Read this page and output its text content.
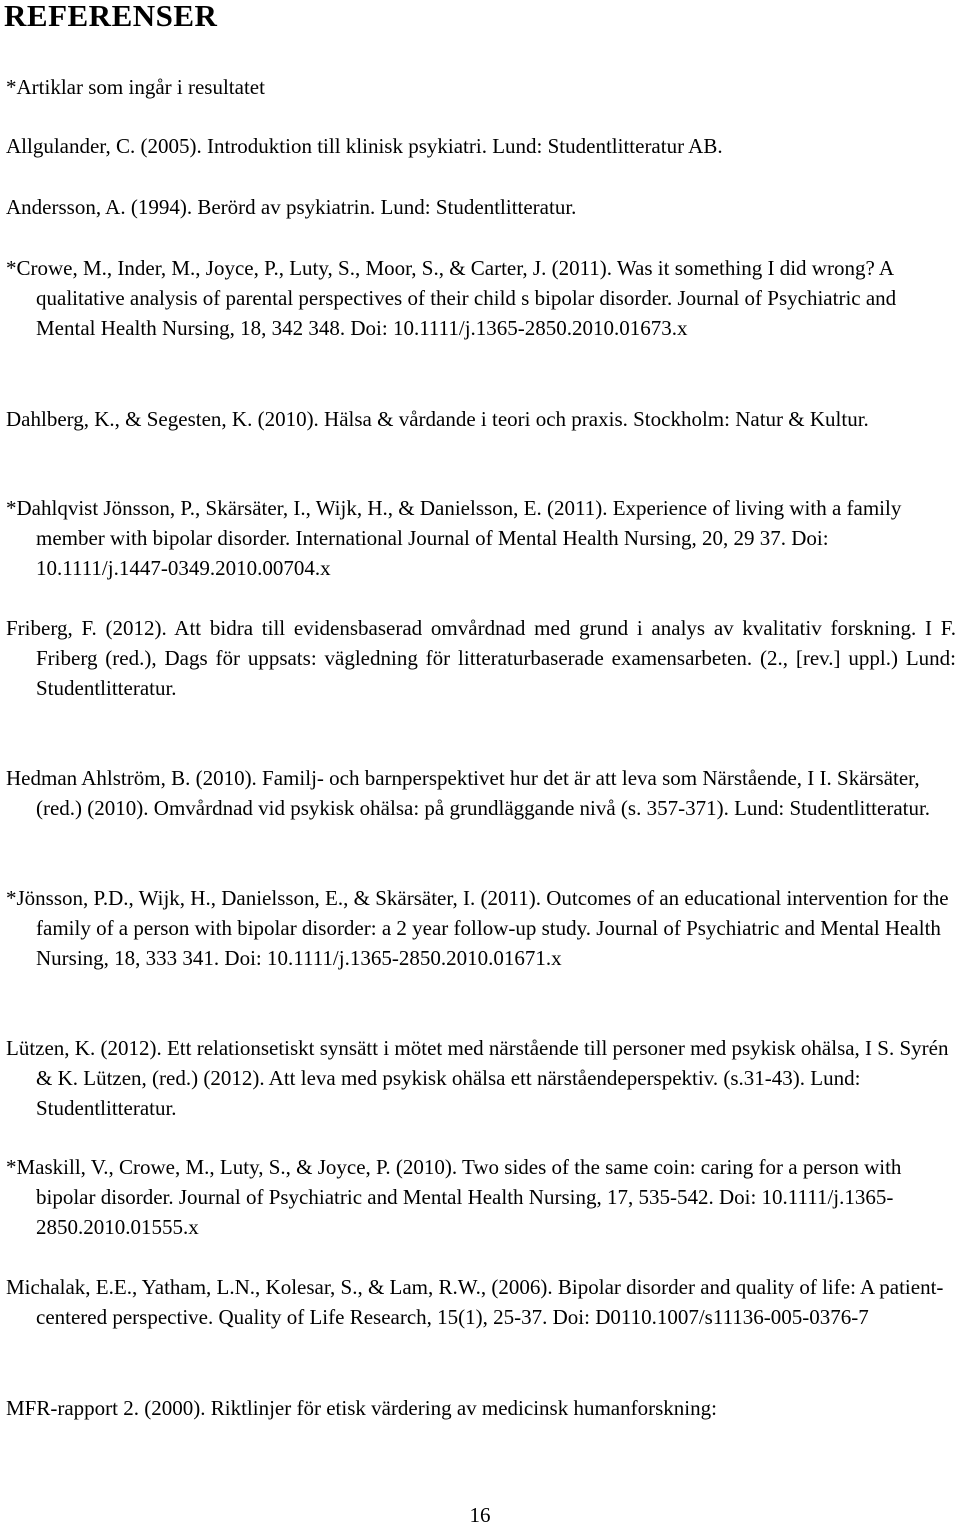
REFERENSER
*Artiklar som ingår i resultatet

Allgulander, C. (2005). Introduktion till klinisk psykiatri. Lund: Studentlitteratur AB.

Andersson, A. (1994). Berörd av psykiatrin. Lund: Studentlitteratur.

*Crowe, M., Inder, M., Joyce, P., Luty, S., Moor, S., & Carter, J. (2011). Was it something I did wrong? A qualitative analysis of parental perspectives of their child s bipolar disorder. Journal of Psychiatric and Mental Health Nursing, 18, 342 348. Doi: 10.1111/j.1365-2850.2010.01673.x

Dahlberg, K., & Segesten, K. (2010). Hälsa & vårdande i teori och praxis. Stockholm: Natur & Kultur.

*Dahlqvist Jönsson, P., Skärsäter, I., Wijk, H., & Danielsson, E. (2011). Experience of living with a family member with bipolar disorder. International Journal of Mental Health Nursing, 20, 29 37. Doi: 10.1111/j.1447-0349.2010.00704.x

Friberg, F. (2012). Att bidra till evidensbaserad omvårdnad med grund i analys av kvalitativ forskning. I F. Friberg (red.), Dags för uppsats: vägledning för litteraturbaserade examensarbeten. (2., [rev.] uppl.) Lund: Studentlitteratur.

Hedman Ahlström, B. (2010). Familj- och barnperspektivet hur det är att leva som Närstående, I I. Skärsäter, (red.) (2010). Omvårdnad vid psykisk ohälsa: på grundläggande nivå (s. 357-371). Lund: Studentlitteratur.

*Jönsson, P.D., Wijk, H., Danielsson, E., & Skärsäter, I. (2011). Outcomes of an educational intervention for the family of a person with bipolar disorder: a 2 year follow-up study. Journal of Psychiatric and Mental Health Nursing, 18, 333 341. Doi: 10.1111/j.1365-2850.2010.01671.x

Lützen, K. (2012). Ett relationsetiskt synsätt i mötet med närstående till personer med psykisk ohälsa, I S. Syrén & K. Lützen, (red.) (2012). Att leva med psykisk ohälsa ett närståendeperspektiv. (s.31-43). Lund: Studentlitteratur.

*Maskill, V., Crowe, M., Luty, S., & Joyce, P. (2010). Two sides of the same coin: caring for a person with bipolar disorder. Journal of Psychiatric and Mental Health Nursing, 17, 535-542. Doi: 10.1111/j.1365-2850.2010.01555.x

Michalak, E.E., Yatham, L.N., Kolesar, S., & Lam, R.W., (2006). Bipolar disorder and quality of life: A patient-centered perspective. Quality of Life Research, 15(1), 25-37. Doi: D0110.1007/s11136-005-0376-7

MFR-rapport 2. (2000). Riktlinjer för etisk värdering av medicinsk humanforskning:

16
